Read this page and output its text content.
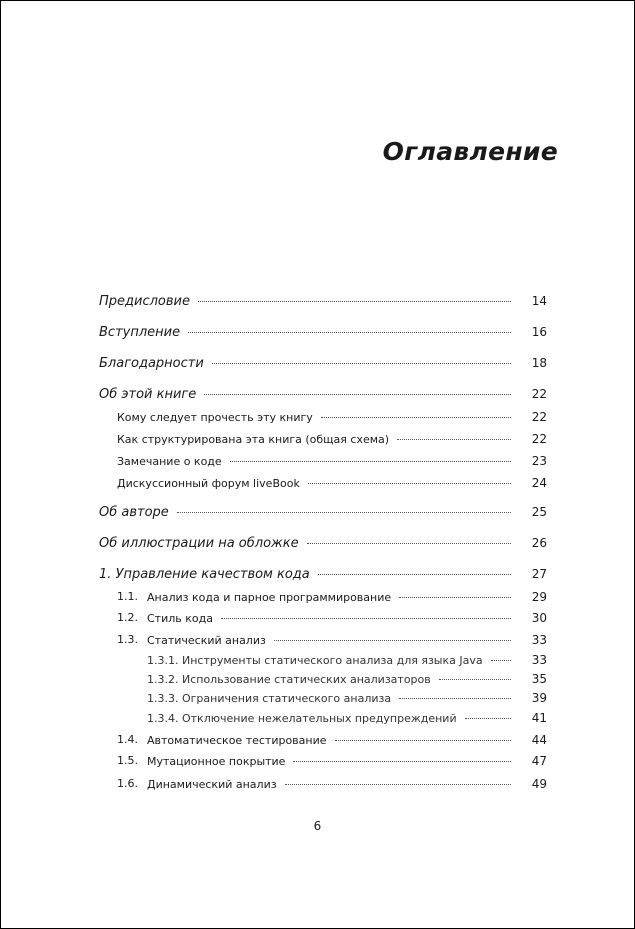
Оглавление
Предисловие	14
Вступление	16
Благодарности	18
Об этой книге	22
Кому следует прочесть эту книгу	22
Как структурирована эта книга (общая схема)	22
Замечание о коде	23
Дискуссионный форум liveBook	24
Об авторе	25
Об иллюстрации на обложке	26
1. Управление качеством кода	27
1.1. Анализ кода и парное программирование	29
1.2. Стиль кода	30
1.3. Статический анализ	33
1.3.1. Инструменты статического анализа для языка Java	33
1.3.2. Использование статических анализаторов	35
1.3.3. Ограничения статического анализа	39
1.3.4. Отключение нежелательных предупреждений	41
1.4. Автоматическое тестирование	44
1.5. Мутационное покрытие	47
1.6. Динамический анализ	49
6
